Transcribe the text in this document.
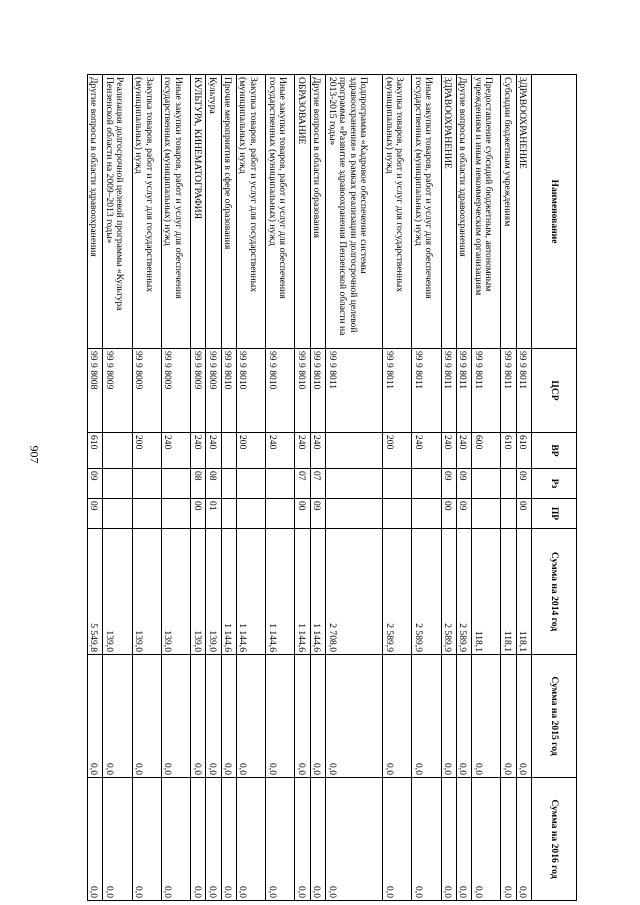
907
Наименование	ЦСР	ВР	Рз	ПР	Сумма на 2014 год	Сумма на 2015 год	Сумма на 2016 год
ЗДРАВООХРАНЕНИЕ	99 9 8011	610	09	00	118,1	0,0	0,0
Субсидии бюджетным учреждениям	99 9 8011	610			118,1	0,0	0,0
Предоставление субсидий бюджетным, автономным учреждениям и иным некоммерческим организациям	99 9 8011	600			118,1	0,0	0,0
Другие вопросы в области здравоохранения	99 9 8011	240	09	09	2 589,9	0,0	0,0
ЗДРАВООХРАНЕНИЕ	99 9 8011	240	09	00	2 589,9	0,0	0,0
Иные закупки товаров, работ и услуг для обеспечения государственных (муниципальных) нужд	99 9 8011	240			2 589,9	0,0	0,0
Закупка товаров, работ и услуг для государственных (муниципальных) нужд	99 9 8011	200			2 589,9	0,0	0,0
Подпрограмма «Кадровое обеспечение системы здравоохранения» в рамках реализации долгосрочной целевой программы «Развитие здравоохранения Пензенской области на 2013-2015 годы»	99 9 8011				2 708,0	0,0	0,0
Другие вопросы в области образования	99 9 8010	240	07	09	1 144,6	0,0	0,0
ОБРАЗОВАНИЕ	99 9 8010	240	07	00	1 144,6	0,0	0,0
Иные закупки товаров, работ и услуг для обеспечения государственных (муниципальных) нужд	99 9 8010	240			1 144,6	0,0	0,0
Закупка товаров, работ и услуг для государственных (муниципальных) нужд	99 9 8010	200			1 144,6	0,0	0,0
Прочие мероприятия в сфере образования	99 9 8010				1 144,6	0,0	0,0
Культура	99 9 8009	240	08	01	139,0	0,0	0,0
КУЛЬТУРА, КИНЕМАТОГРАФИЯ	99 9 8009	240	08	00	139,0	0,0	0,0
Иные закупки товаров, работ и услуг для обеспечения государственных (муниципальных) нужд	99 9 8009	240			139,0	0,0	0,0
Закупка товаров, работ и услуг для государственных (муниципальных) нужд	99 9 8009	200			139,0	0,0	0,0
Реализация долгосрочной целевой программы «Культура Пензенской области на 2009–2013 годы»	99 9 8009				139,0	0,0	0,0
Другие вопросы в области здравоохранения	99 9 8008	610	09	09	5 549,8	0,0	0,0
